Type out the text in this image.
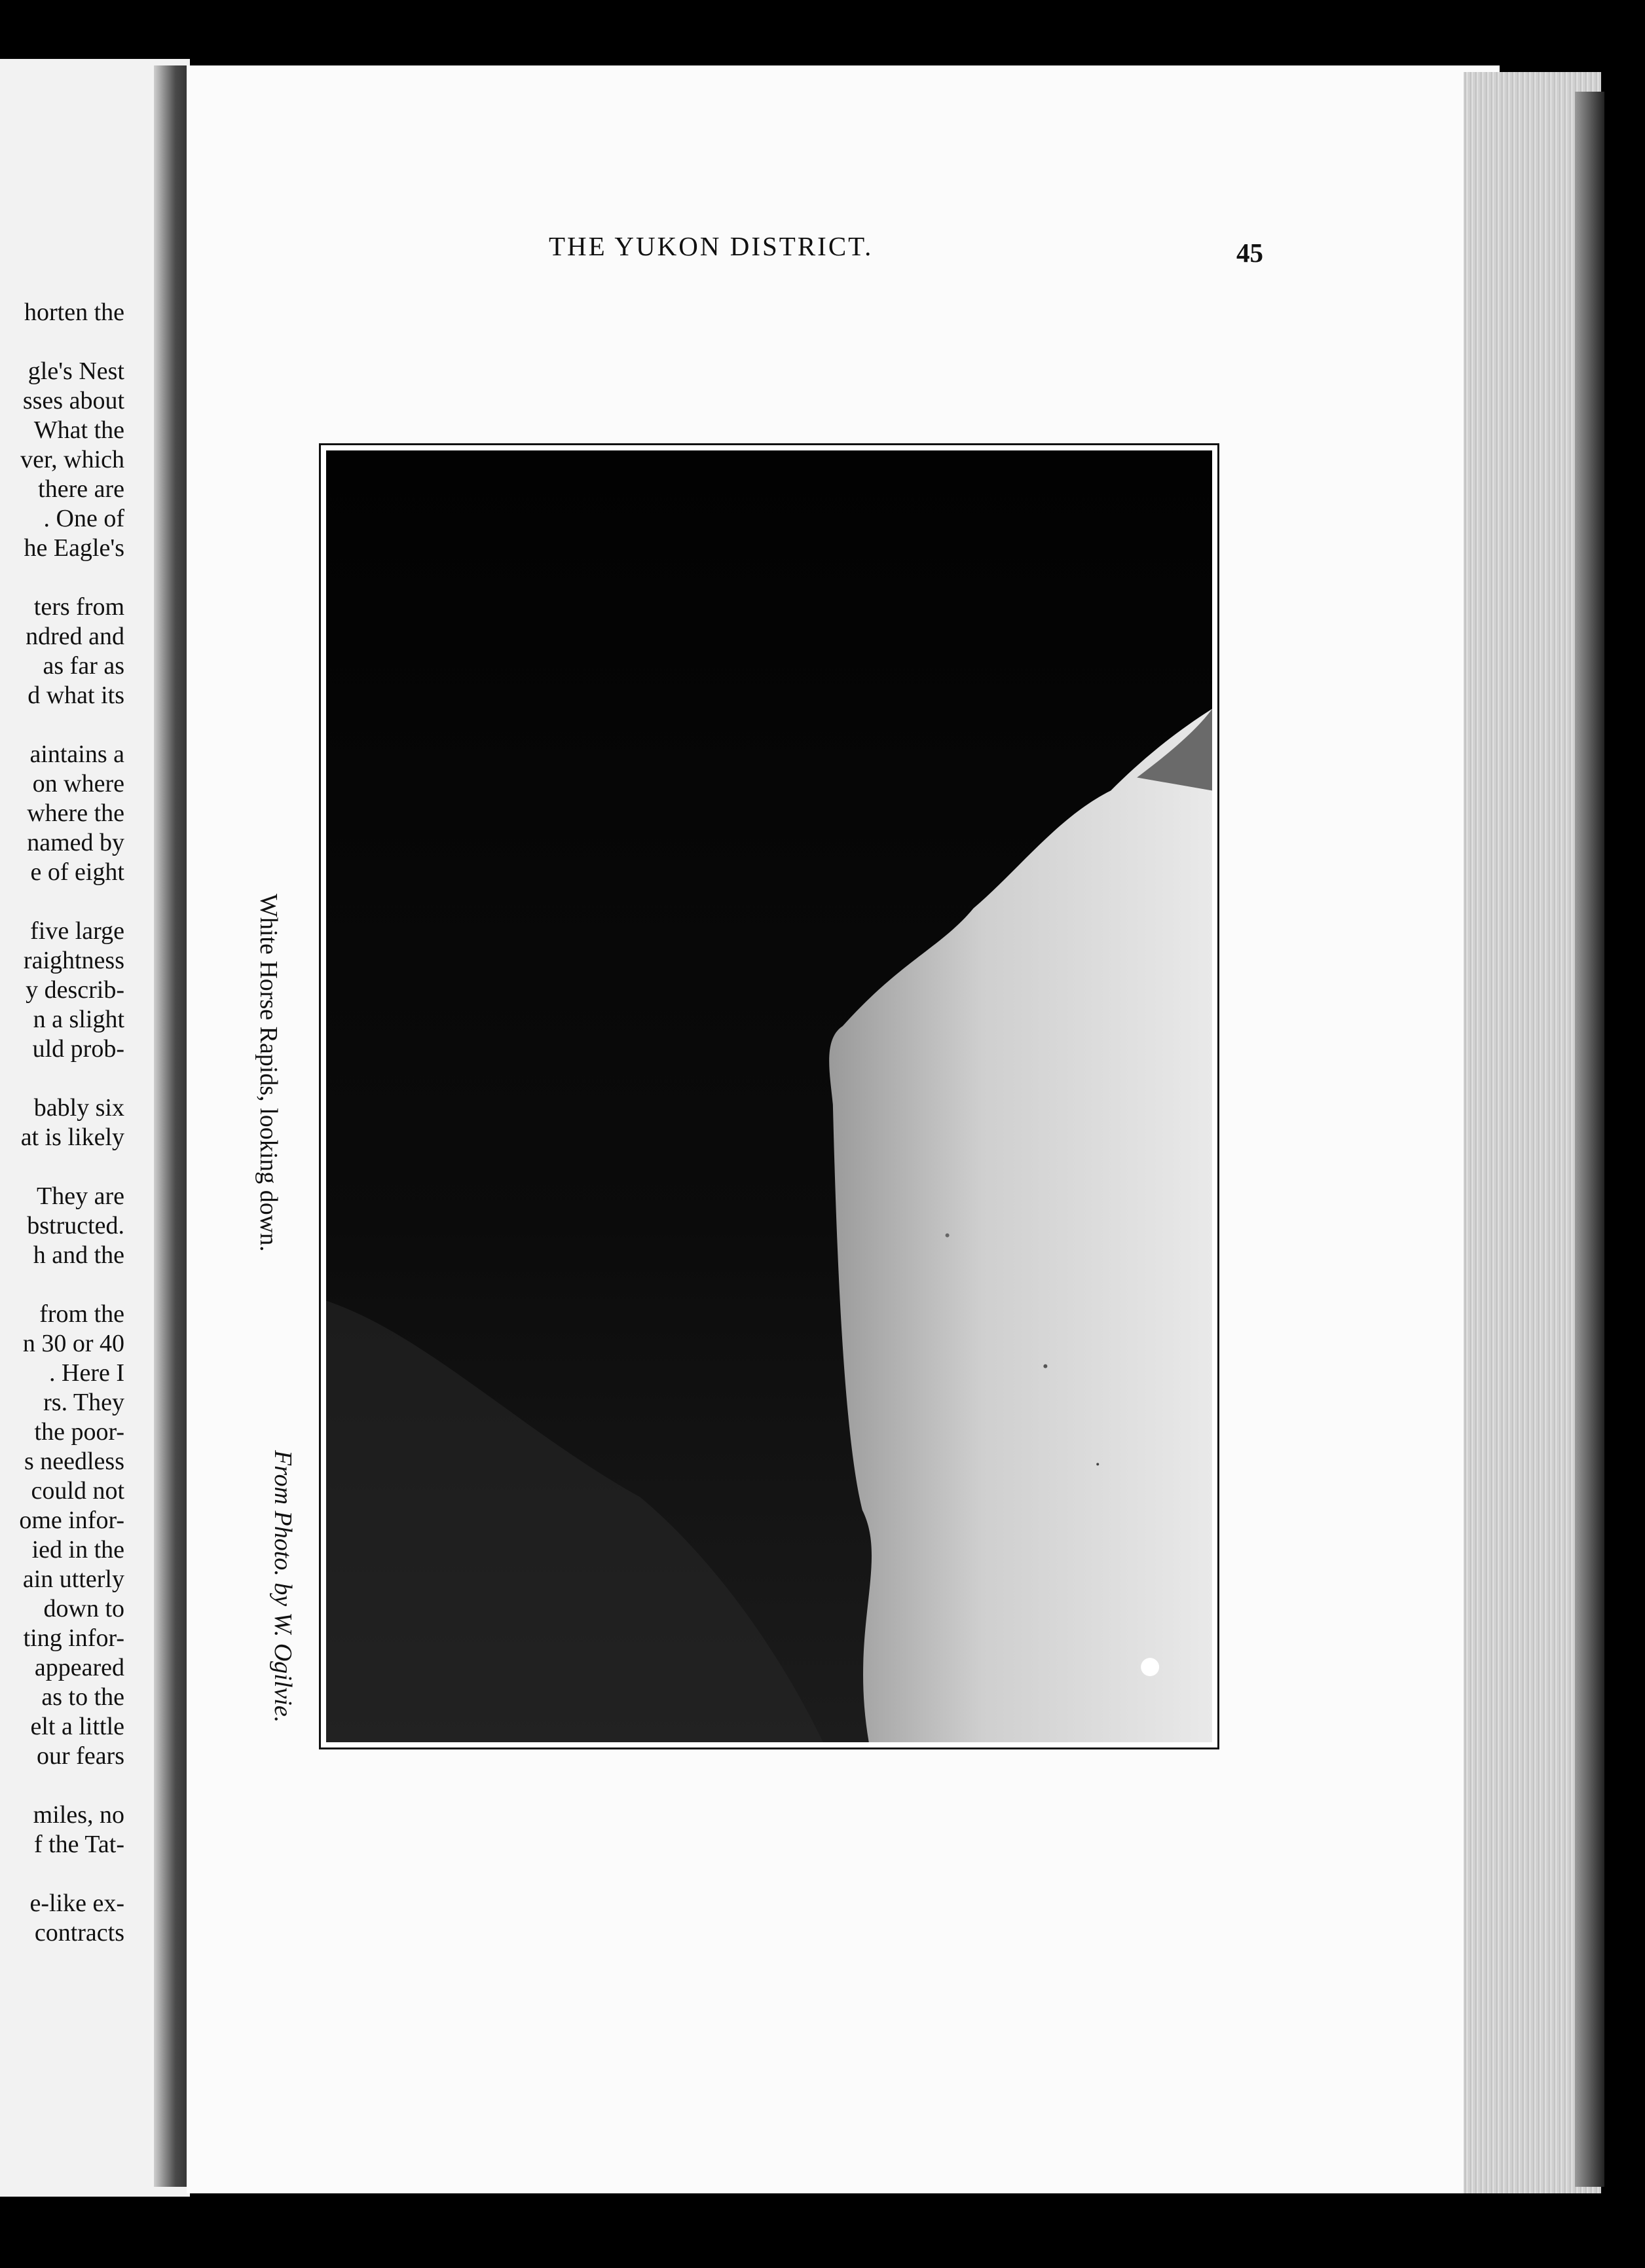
horten the
gle's Nest
sses about
What the
ver, which
there are
. One of
he Eagle's
ters from
ndred and
as far as
d what its
aintains a
on where
where the
named by
e of eight
five large
raightness
y describ-
n a slight
uld prob-
bably six
at is likely
They are
bstructed.
h and the
from the
n 30 or 40
. Here I
rs. They
the poor-
s needless
could not
ome infor-
ied in the
ain utterly
down to
ting infor-
appeared
as to the
elt a little
our fears
miles, no
f the Tat-
e-like ex-
contracts
THE YUKON DISTRICT.	45
White Horse Rapids, looking down.
From Photo. by W. Ogilvie.
